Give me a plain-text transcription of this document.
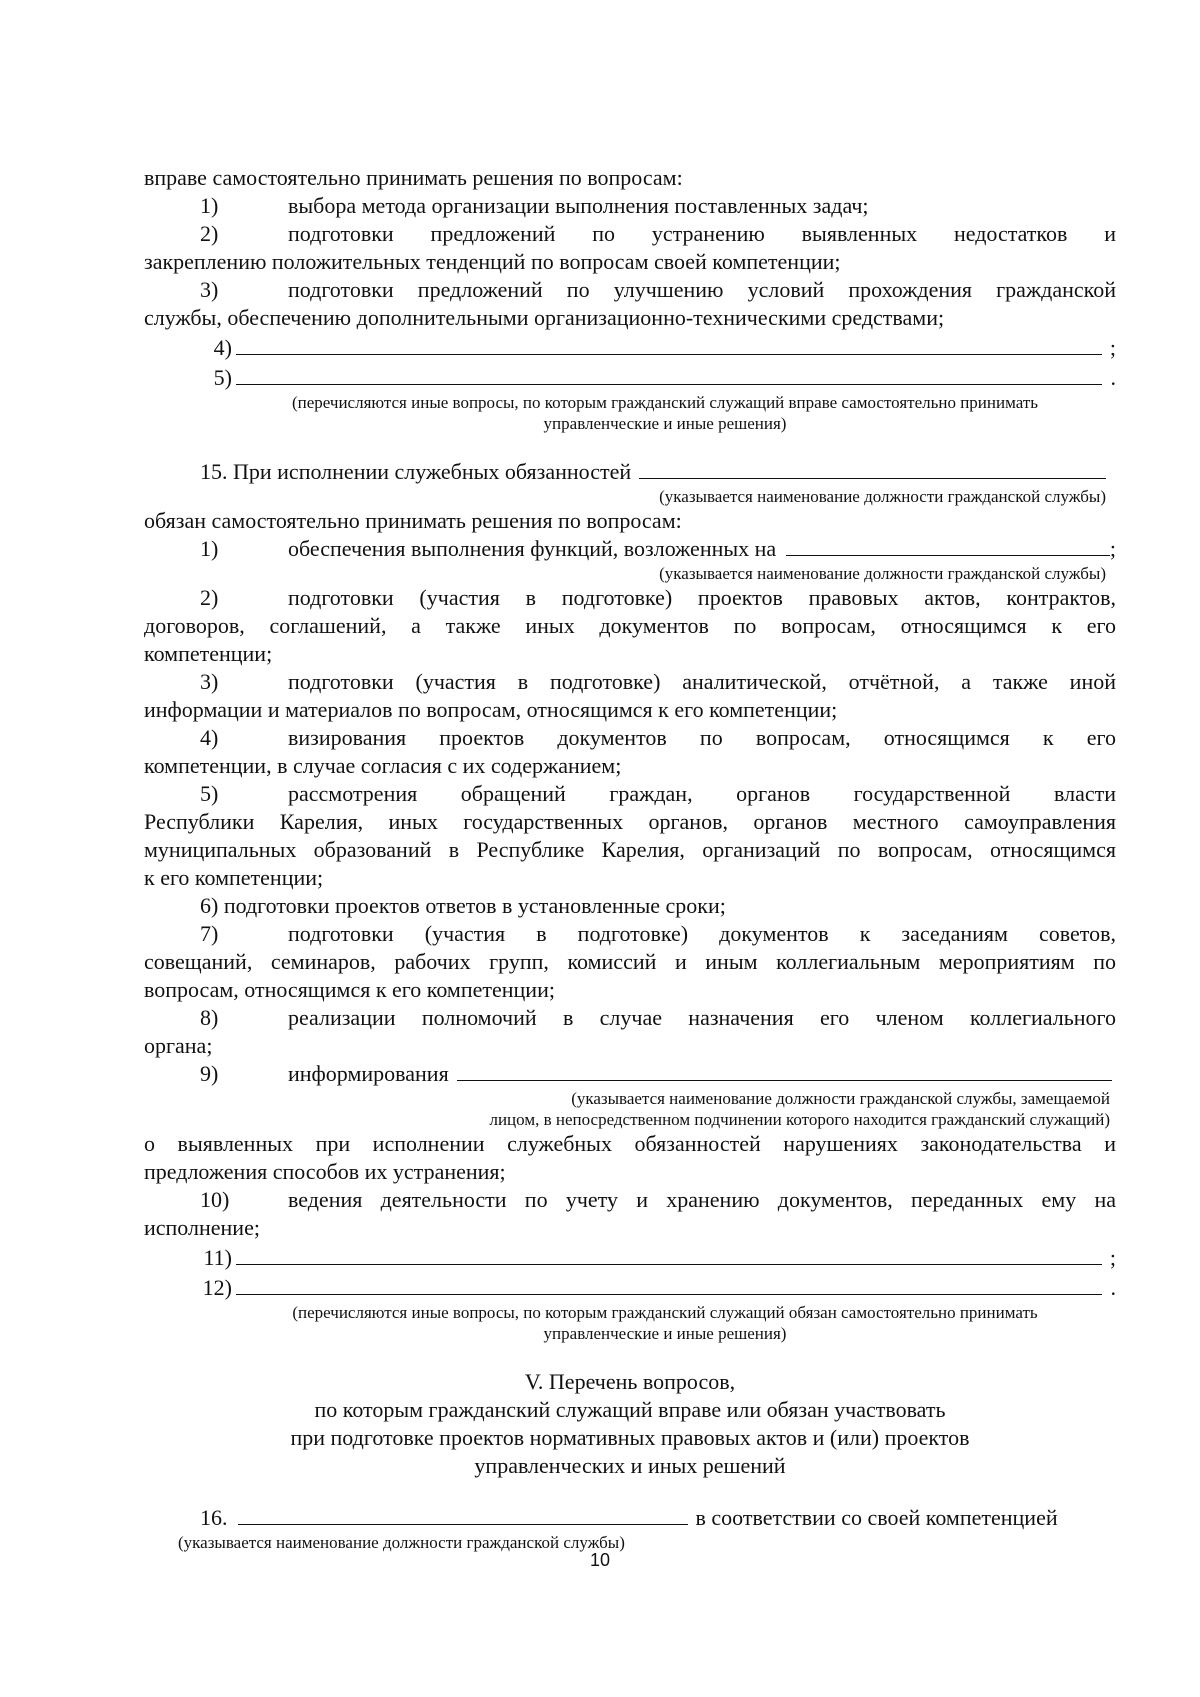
вправе самостоятельно принимать решения по вопросам:

1)	выбора метода организации выполнения поставленных задач;
2)	подготовки предложений по устранению выявленных недостатков и

закреплению положительных тенденций по вопросам своей компетенции;

3)	подготовки предложений по улучшению условий прохождения гражданской

службы, обеспечению дополнительными организационно-техническими средствами;

4)	;
5)	.

(перечисляются иные вопросы, по которым гражданский служащий вправе самостоятельно принимать

управленческие и иные решения)

15. При исполнении служебных обязанностей

(указывается наименование должности гражданской службы)

обязан самостоятельно принимать решения по вопросам:

1)	обеспечения выполнения функций, возложенных на	;

(указывается наименование должности гражданской службы)

2)	подготовки (участия в подготовке) проектов правовых актов, контрактов,

договоров, соглашений, а также иных документов по вопросам, относящимся к его

компетенции;

3)	подготовки (участия в подготовке) аналитической, отчётной, а также иной

информации и материалов по вопросам, относящимся к его компетенции;

4)	визирования проектов документов по вопросам, относящимся к его

компетенции, в случае согласия с их содержанием;

5)	рассмотрения обращений граждан, органов государственной власти

Республики Карелия, иных государственных органов, органов местного самоуправления

муниципальных образований в Республике Карелия, организаций по вопросам, относящимся

к его компетенции;

6) подготовки проектов ответов в установленные сроки;

7)	подготовки (участия в подготовке) документов к заседаниям советов,

совещаний, семинаров, рабочих групп, комиссий и иным коллегиальным мероприятиям по

вопросам, относящимся к его компетенции;

8)	реализации полномочий в случае назначения его членом коллегиального

органа;

9)	информирования

(указывается наименование должности гражданской службы, замещаемой

лицом, в непосредственном подчинении которого находится гражданский служащий)

о выявленных при исполнении служебных обязанностей нарушениях законодательства и

предложения способов их устранения;

10)	ведения деятельности по учету и хранению документов, переданных ему на

исполнение;

11)	;
12)	.

(перечисляются иные вопросы, по которым гражданский служащий обязан самостоятельно принимать

управленческие и иные решения)

V. Перечень вопросов,

по которым гражданский служащий вправе или обязан участвовать

при подготовке проектов нормативных правовых актов и (или) проектов

управленческих и иных решений

16.	в соответствии со своей компетенцией

(указывается наименование должности гражданской службы)

10
